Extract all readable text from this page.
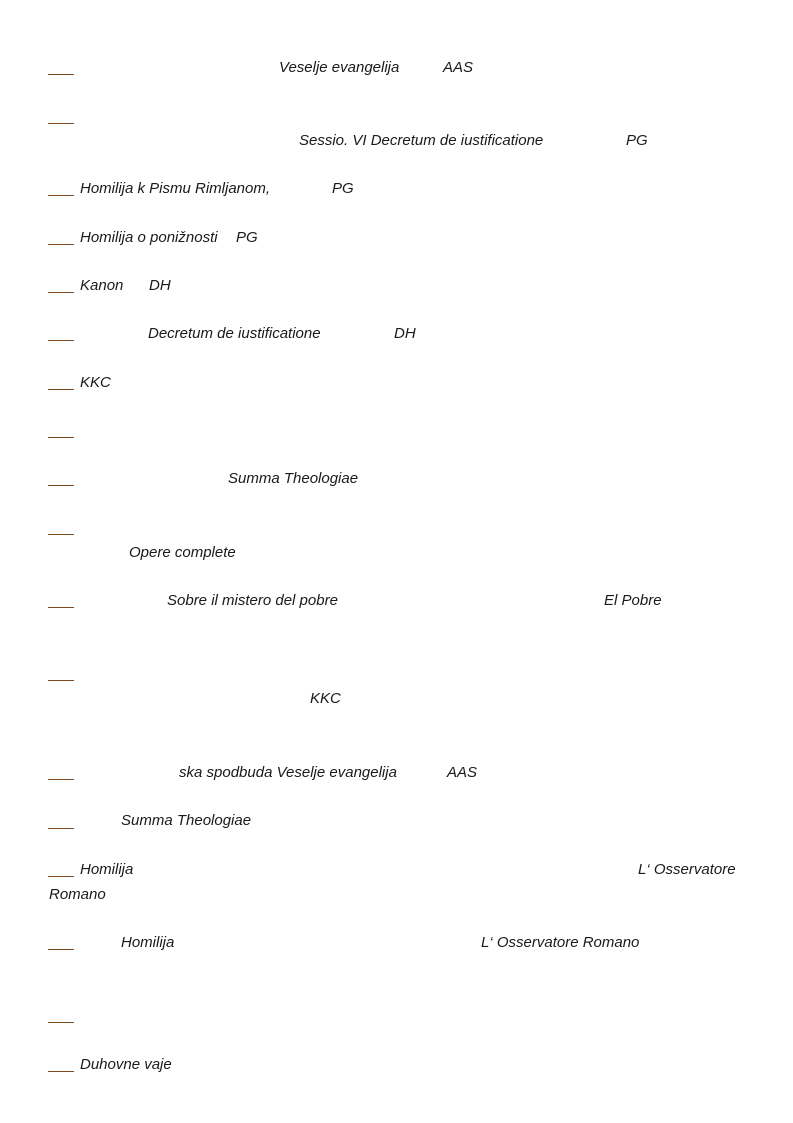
Veselje evangelija	AAS
Sessio. VI Decretum de iustificatione	PG
Homilija k Pismu Rimljanom,	PG
Homilija o ponižnosti PG
Kanon DH
Decretum de iustificatione	DH
KKC
Summa Theologiae
Opere complete
Sobre il mistero del pobre	El Pobre
KKC
ska spodbuda Veselje evangelija	AAS
Summa Theologiae
Homilija	L‘ Osservatore
Romano
Homilija	L‘ Osservatore Romano
Duhovne vaje
